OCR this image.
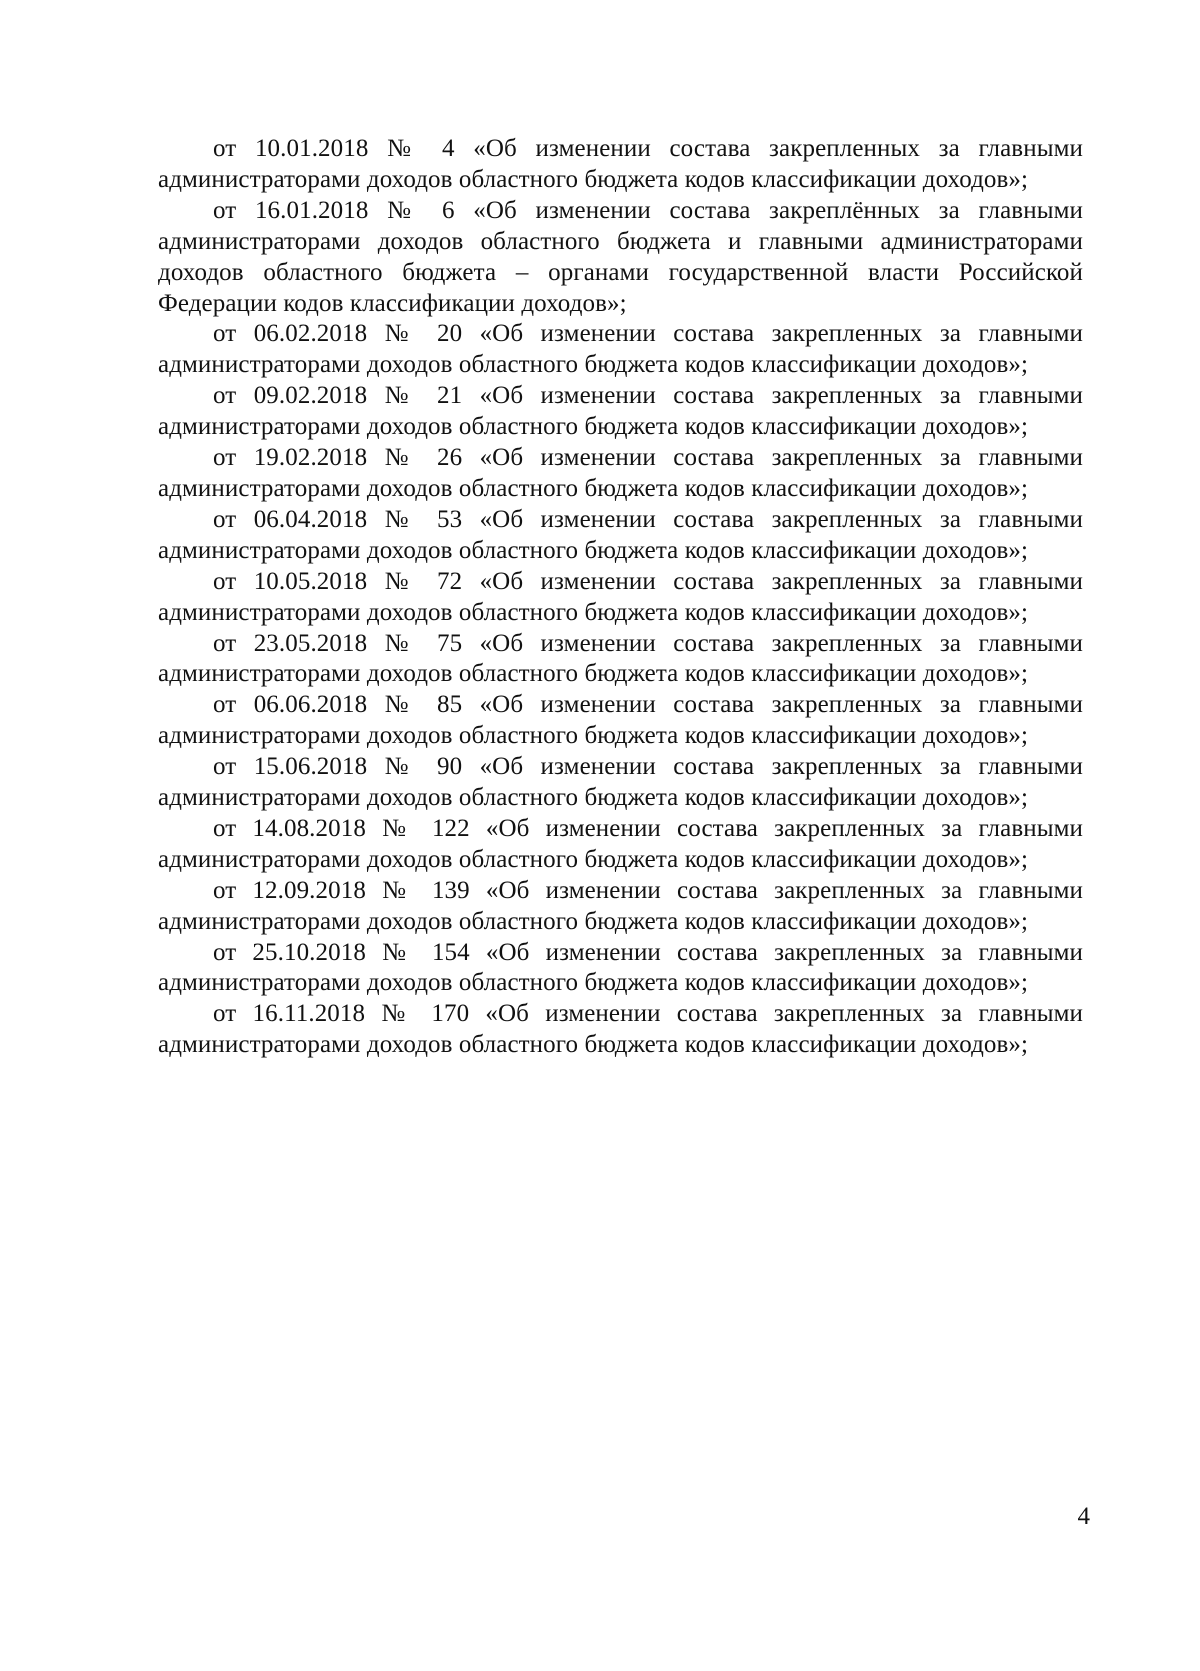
от 10.01.2018 № 4 «Об изменении состава закрепленных за главными администраторами доходов областного бюджета кодов классификации доходов»;

от 16.01.2018 № 6 «Об изменении состава закреплённых за главными администраторами доходов областного бюджета и главными администраторами доходов областного бюджета – органами государственной власти Российской Федерации кодов классификации доходов»;

от 06.02.2018 № 20 «Об изменении состава закрепленных за главными администраторами доходов областного бюджета кодов классификации доходов»;

от 09.02.2018 № 21 «Об изменении состава закрепленных за главными администраторами доходов областного бюджета кодов классификации доходов»;

от 19.02.2018 № 26 «Об изменении состава закрепленных за главными администраторами доходов областного бюджета кодов классификации доходов»;

от 06.04.2018 № 53 «Об изменении состава закрепленных за главными администраторами доходов областного бюджета кодов классификации доходов»;

от 10.05.2018 № 72 «Об изменении состава закрепленных за главными администраторами доходов областного бюджета кодов классификации доходов»;

от 23.05.2018 № 75 «Об изменении состава закрепленных за главными администраторами доходов областного бюджета кодов классификации доходов»;

от 06.06.2018 № 85 «Об изменении состава закрепленных за главными администраторами доходов областного бюджета кодов классификации доходов»;

от 15.06.2018 № 90 «Об изменении состава закрепленных за главными администраторами доходов областного бюджета кодов классификации доходов»;

от 14.08.2018 № 122 «Об изменении состава закрепленных за главными администраторами доходов областного бюджета кодов классификации доходов»;

от 12.09.2018 № 139 «Об изменении состава закрепленных за главными администраторами доходов областного бюджета кодов классификации доходов»;

от 25.10.2018 № 154 «Об изменении состава закрепленных за главными администраторами доходов областного бюджета кодов классификации доходов»;

от 16.11.2018 № 170 «Об изменении состава закрепленных за главными администраторами доходов областного бюджета кодов классификации доходов»;

4
